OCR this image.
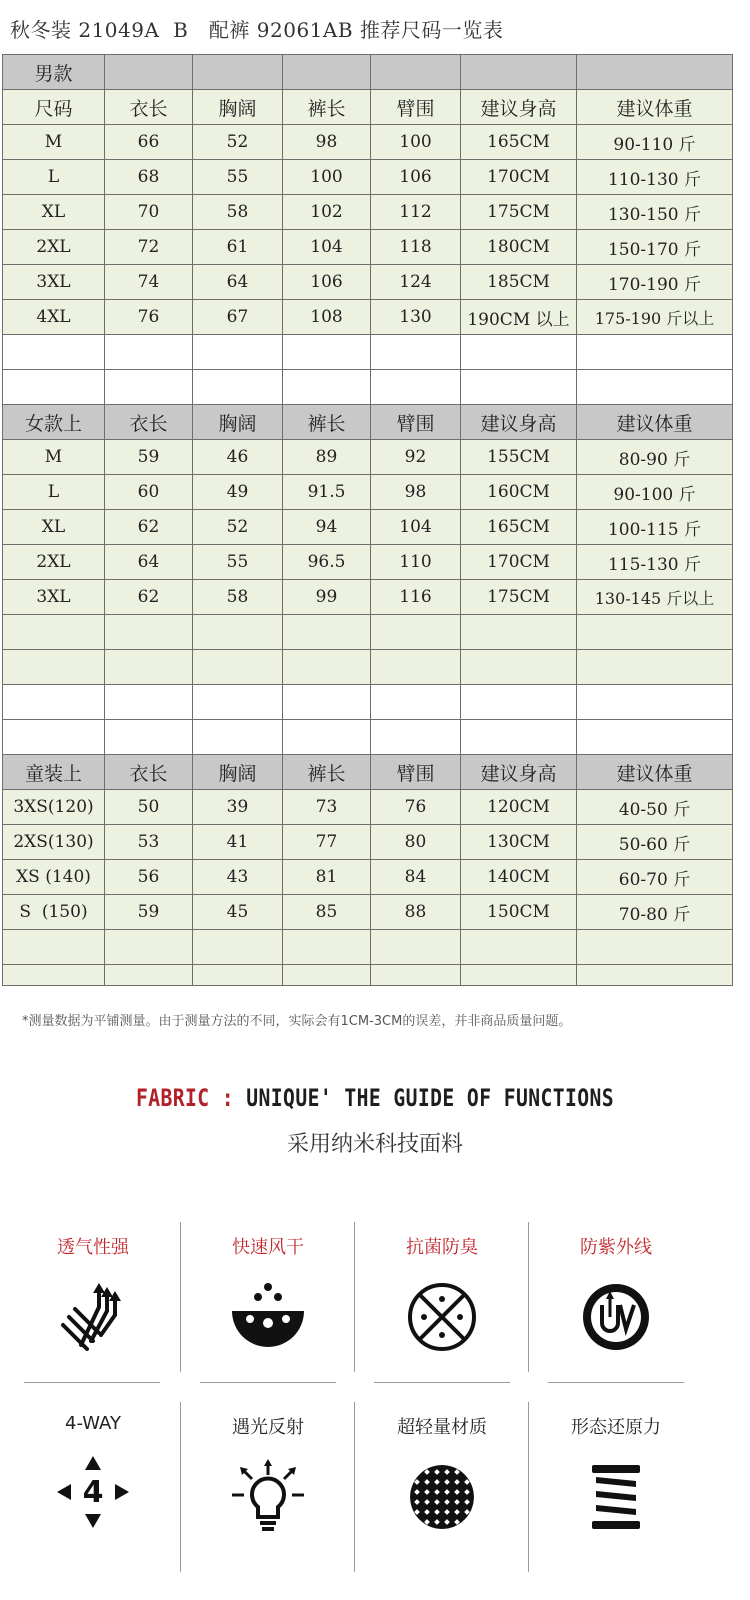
秋冬装 21049A  B   配裤 92061AB 推荐尺码一览表
男款						
尺码	衣长	胸阔	裤长	臂围	建议身高	建议体重
M	66	52	98	100	165CM	90-110 斤
L	68	55	100	106	170CM	110-130 斤
XL	70	58	102	112	175CM	130-150 斤
2XL	72	61	104	118	180CM	150-170 斤
3XL	74	64	106	124	185CM	170-190 斤
4XL	76	67	108	130	190CM 以上	175-190 斤以上

女款上	衣长	胸阔	裤长	臂围	建议身高	建议体重
M	59	46	89	92	155CM	80-90 斤
L	60	49	91.5	98	160CM	90-100 斤
XL	62	52	94	104	165CM	100-115 斤
2XL	64	55	96.5	110	170CM	115-130 斤
3XL	62	58	99	116	175CM	130-145 斤以上

童装上	衣长	胸阔	裤长	臂围	建议身高	建议体重
3XS(120)	50	39	73	76	120CM	40-50 斤
2XS(130)	53	41	77	80	130CM	50-60 斤
XS (140)	56	43	81	84	140CM	60-70 斤
S  (150)	59	45	85	88	150CM	70-80 斤

*测量数据为平铺测量。由于测量方法的不同，实际会有1CM-3CM的误差，并非商品质量问题。
FABRIC : UNIQUE' THE GUIDE OF FUNCTIONS
采用纳米科技面料
透气性强	快速风干	抗菌防臭	防紫外线
4-WAY
4
遇光反射	超轻量材质	形态还原力
